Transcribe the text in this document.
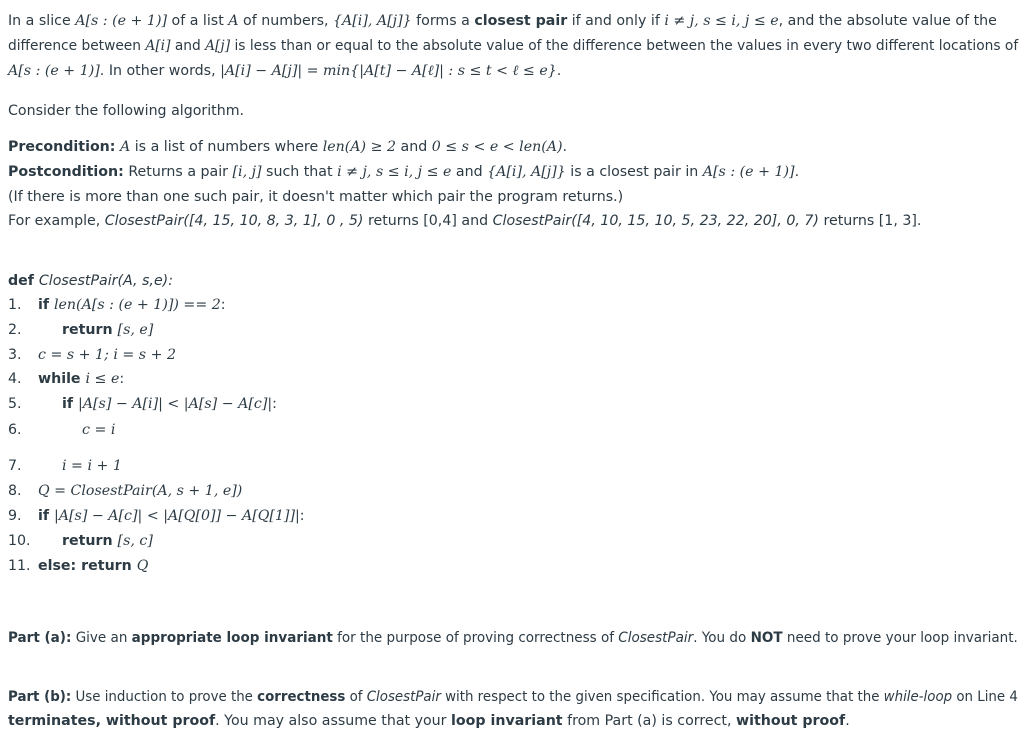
In a slice A[s : (e + 1)] of a list A of numbers, {A[i], A[j]} forms a closest pair if and only if i ≠ j, s ≤ i, j ≤ e, and the absolute value of the
difference between A[i] and A[j] is less than or equal to the absolute value of the difference between the values in every two different locations of
A[s : (e + 1)]. In other words, |A[i] − A[j]| = min{|A[t] − A[ℓ]| : s ≤ t < ℓ ≤ e}.
Consider the following algorithm.
Precondition: A is a list of numbers where len(A) ≥ 2 and 0 ≤ s < e < len(A).
Postcondition: Returns a pair [i, j] such that i ≠ j, s ≤ i, j ≤ e and {A[i], A[j]} is a closest pair in A[s : (e + 1)].
(If there is more than one such pair, it doesn't matter which pair the program returns.)
For example, ClosestPair([4, 15, 10, 8, 3, 1], 0 , 5) returns [0,4] and ClosestPair([4, 10, 15, 10, 5, 23, 22, 20], 0, 7) returns [1, 3].
def ClosestPair(A, s,e):
1. if len(A[s : (e + 1)]) == 2:
2.	return [s, e]
3. c = s + 1; i = s + 2
4. while i ≤ e:
5.	if |A[s] − A[i]| < |A[s] − A[c]|:
6.	c = i
7.	i = i + 1
8. Q = ClosestPair(A, s + 1, e])
9. if |A[s] − A[c]| < |A[Q[0]] − A[Q[1]]|:
10. return [s, c]
11. else: return Q
Part (a): Give an appropriate loop invariant for the purpose of proving correctness of ClosestPair. You do NOT need to prove your loop invariant.
Part (b): Use induction to prove the correctness of ClosestPair with respect to the given specification. You may assume that the while-loop on Line 4
terminates, without proof. You may also assume that your loop invariant from Part (a) is correct, without proof.
